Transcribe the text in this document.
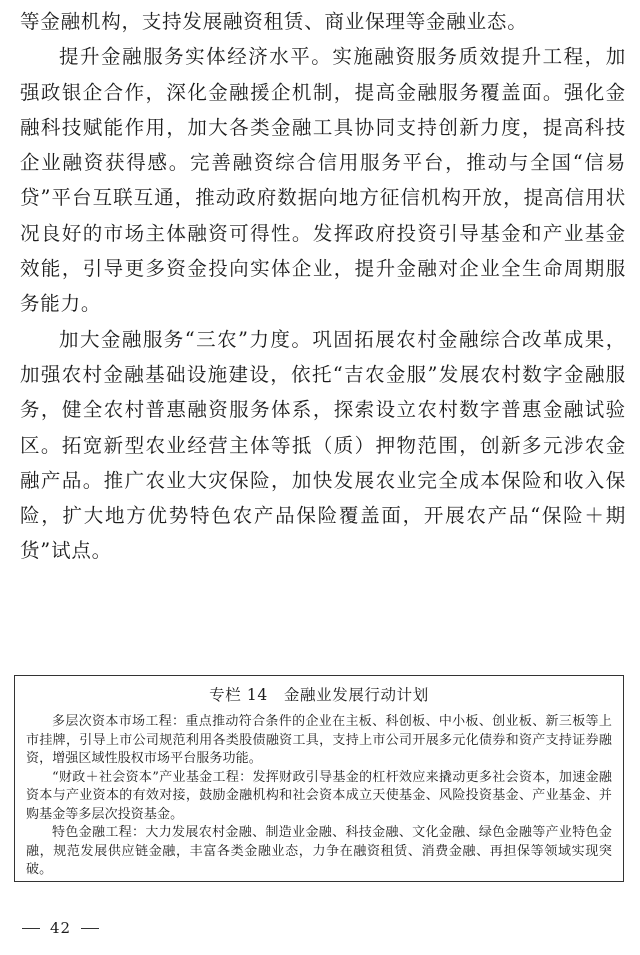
等金融机构，支持发展融资租赁、商业保理等金融业态。

提升金融服务实体经济水平。实施融资服务质效提升工程，加强政银企合作，深化金融援企机制，提高金融服务覆盖面。强化金融科技赋能作用，加大各类金融工具协同支持创新力度，提高科技企业融资获得感。完善融资综合信用服务平台，推动与全国“信易贷”平台互联互通，推动政府数据向地方征信机构开放，提高信用状况良好的市场主体融资可得性。发挥政府投资引导基金和产业基金效能，引导更多资金投向实体企业，提升金融对企业全生命周期服务能力。

加大金融服务“三农”力度。巩固拓展农村金融综合改革成果，加强农村金融基础设施建设，依托“吉农金服”发展农村数字金融服务，健全农村普惠融资服务体系，探索设立农村数字普惠金融试验区。拓宽新型农业经营主体等抵（质）押物范围，创新多元涉农金融产品。推广农业大灾保险，加快发展农业完全成本保险和收入保险，扩大地方优势特色农产品保险覆盖面，开展农产品“保险＋期货”试点。

专栏 14　金融业发展行动计划

多层次资本市场工程：重点推动符合条件的企业在主板、科创板、中小板、创业板、新三板等上市挂牌，引导上市公司规范利用各类股债融资工具，支持上市公司开展多元化债券和资产支持证券融资，增强区域性股权市场平台服务功能。

“财政＋社会资本”产业基金工程：发挥财政引导基金的杠杆效应来撬动更多社会资本，加速金融资本与产业资本的有效对接，鼓励金融机构和社会资本成立天使基金、风险投资基金、产业基金、并购基金等多层次投资基金。

特色金融工程：大力发展农村金融、制造业金融、科技金融、文化金融、绿色金融等产业特色金融，规范发展供应链金融，丰富各类金融业态，力争在融资租赁、消费金融、再担保等领域实现突破。

42
